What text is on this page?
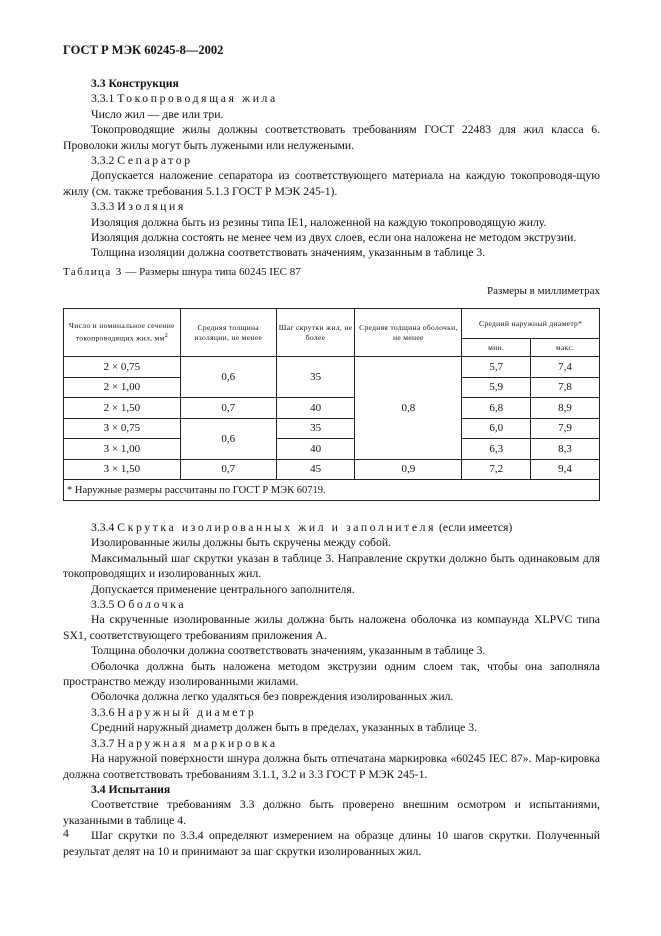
ГОСТ Р МЭК 60245-8—2002

3.3 Конструкция

3.3.1 Токопроводящая жила

Число жил — две или три.

Токопроводящие жилы должны соответствовать требованиям ГОСТ 22483 для жил класса 6. Проволоки жилы могут быть лужеными или нелужеными.

3.3.2 Сепаратор

Допускается наложение сепаратора из соответствующего материала на каждую токопроводя-щую жилу (см. также требования 5.1.3 ГОСТ Р МЭК 245-1).

3.3.3 Изоляция

Изоляция должна быть из резины типа IE1, наложенной на каждую токопроводящую жилу.

Изоляция должна состоять не менее чем из двух слоев, если она наложена не методом экструзии.

Толщина изоляции должна соответствовать значениям, указанным в таблице 3.

Таблица 3 — Размеры шнура типа 60245 IEC 87
Размеры в миллиметрах
Число и номинальное сечение токопроводящих жил, $мм^2$	Средняя толщина изоляции, не менее	Шаг скрутки жил, не более	Средняя толщина оболочки, не менее	Средний наружный диаметр*	
				мин.	макс.
2 × 0,75	0,6	35	0,8	5,7	7,4
2 × 1,00				5,9	7,8
2 × 1,50	0,7	40		6,8	8,9
3 × 0,75	0,6	35		6,0	7,9
3 × 1,00		40		6,3	8,3
3 × 1,50	0,7	45	0,9	7,2	9,4
* Наружные размеры рассчитаны по ГОСТ Р МЭК 60719.					

3.3.4 Скрутка изолированных жил и заполнителя (если имеется)

Изолированные жилы должны быть скручены между собой.

Максимальный шаг скрутки указан в таблице 3. Направление скрутки должно быть одинаковым для токопроводящих и изолированных жил.

Допускается применение центрального заполнителя.

3.3.5 Оболочка

На скрученные изолированные жилы должна быть наложена оболочка из компаунда XLPVC типа SX1, соответствующего требованиям приложения А.

Толщина оболочки должна соответствовать значениям, указанным в таблице 3.

Оболочка должна быть наложена методом экструзии одним слоем так, чтобы она заполняла пространство между изолированными жилами.

Оболочка должна легко удаляться без повреждения изолированных жил.

3.3.6 Наружный диаметр

Средний наружный диаметр должен быть в пределах, указанных в таблице 3.

3.3.7 Наружная маркировка

На наружной поверхности шнура должна быть отпечатана маркировка «60245 IEC 87». Мар-кировка должна соответствовать требованиям 3.1.1, 3.2 и 3.3 ГОСТ Р МЭК 245-1.

3.4 Испытания

Соответствие требованиям 3.3 должно быть проверено внешним осмотром и испытаниями, указанными в таблице 4.

Шаг скрутки по 3.3.4 определяют измерением на образце длины 10 шагов скрутки. Полученный результат делят на 10 и принимают за шаг скрутки изолированных жил.

4
